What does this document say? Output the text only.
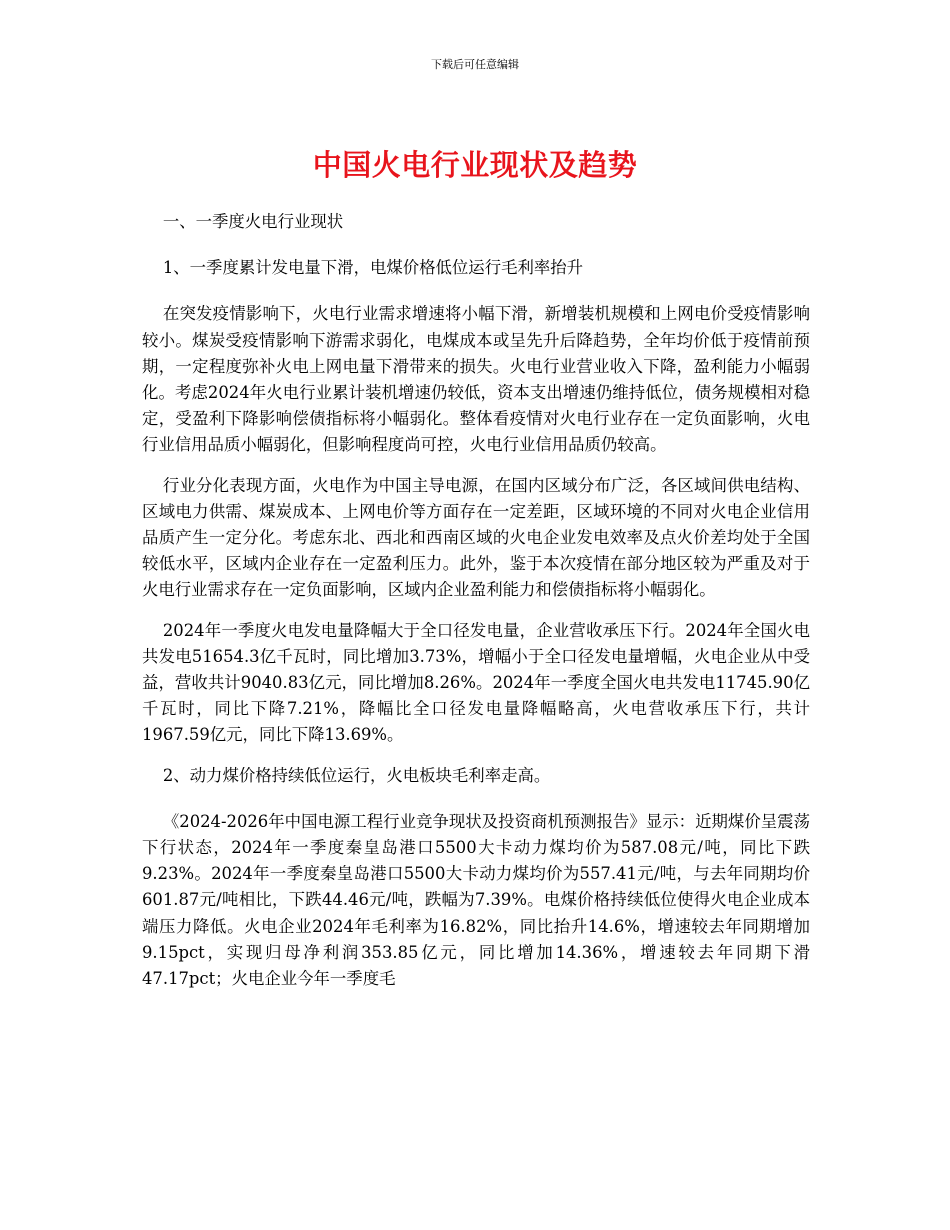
下载后可任意编辑
中国火电行业现状及趋势

一、一季度火电行业现状

1、一季度累计发电量下滑，电煤价格低位运行毛利率抬升

在突发疫情影响下，火电行业需求增速将小幅下滑，新增装机规模和上网电价受疫情影响较小。煤炭受疫情影响下游需求弱化，电煤成本或呈先升后降趋势，全年均价低于疫情前预期，一定程度弥补火电上网电量下滑带来的损失。火电行业营业收入下降，盈利能力小幅弱化。考虑2024年火电行业累计装机增速仍较低，资本支出增速仍维持低位，债务规模相对稳定，受盈利下降影响偿债指标将小幅弱化。整体看疫情对火电行业存在一定负面影响，火电行业信用品质小幅弱化，但影响程度尚可控，火电行业信用品质仍较高。

行业分化表现方面，火电作为中国主导电源，在国内区域分布广泛，各区域间供电结构、区域电力供需、煤炭成本、上网电价等方面存在一定差距，区域环境的不同对火电企业信用品质产生一定分化。考虑东北、西北和西南区域的火电企业发电效率及点火价差均处于全国较低水平，区域内企业存在一定盈利压力。此外，鉴于本次疫情在部分地区较为严重及对于火电行业需求存在一定负面影响，区域内企业盈利能力和偿债指标将小幅弱化。

2024年一季度火电发电量降幅大于全口径发电量，企业营收承压下行。2024年全国火电共发电51654.3亿千瓦时，同比增加3.73%，增幅小于全口径发电量增幅，火电企业从中受益，营收共计9040.83亿元，同比增加8.26%。2024年一季度全国火电共发电11745.90亿千瓦时，同比下降7.21%，降幅比全口径发电量降幅略高，火电营收承压下行，共计1967.59亿元，同比下降13.69%。

2、动力煤价格持续低位运行，火电板块毛利率走高。

《2024-2026年中国电源工程行业竞争现状及投资商机预测报告》显示：近期煤价呈震荡下行状态，2024年一季度秦皇岛港口5500大卡动力煤均价为587.08元/吨，同比下跌9.23%。2024年一季度秦皇岛港口5500大卡动力煤均价为557.41元/吨，与去年同期均价601.87元/吨相比，下跌44.46元/吨，跌幅为7.39%。电煤价格持续低位使得火电企业成本端压力降低。火电企业2024年毛利率为16.82%，同比抬升14.6%，增速较去年同期增加9.15pct，实现归母净利润353.85亿元，同比增加14.36%，增速较去年同期下滑47.17pct；火电企业今年一季度毛
